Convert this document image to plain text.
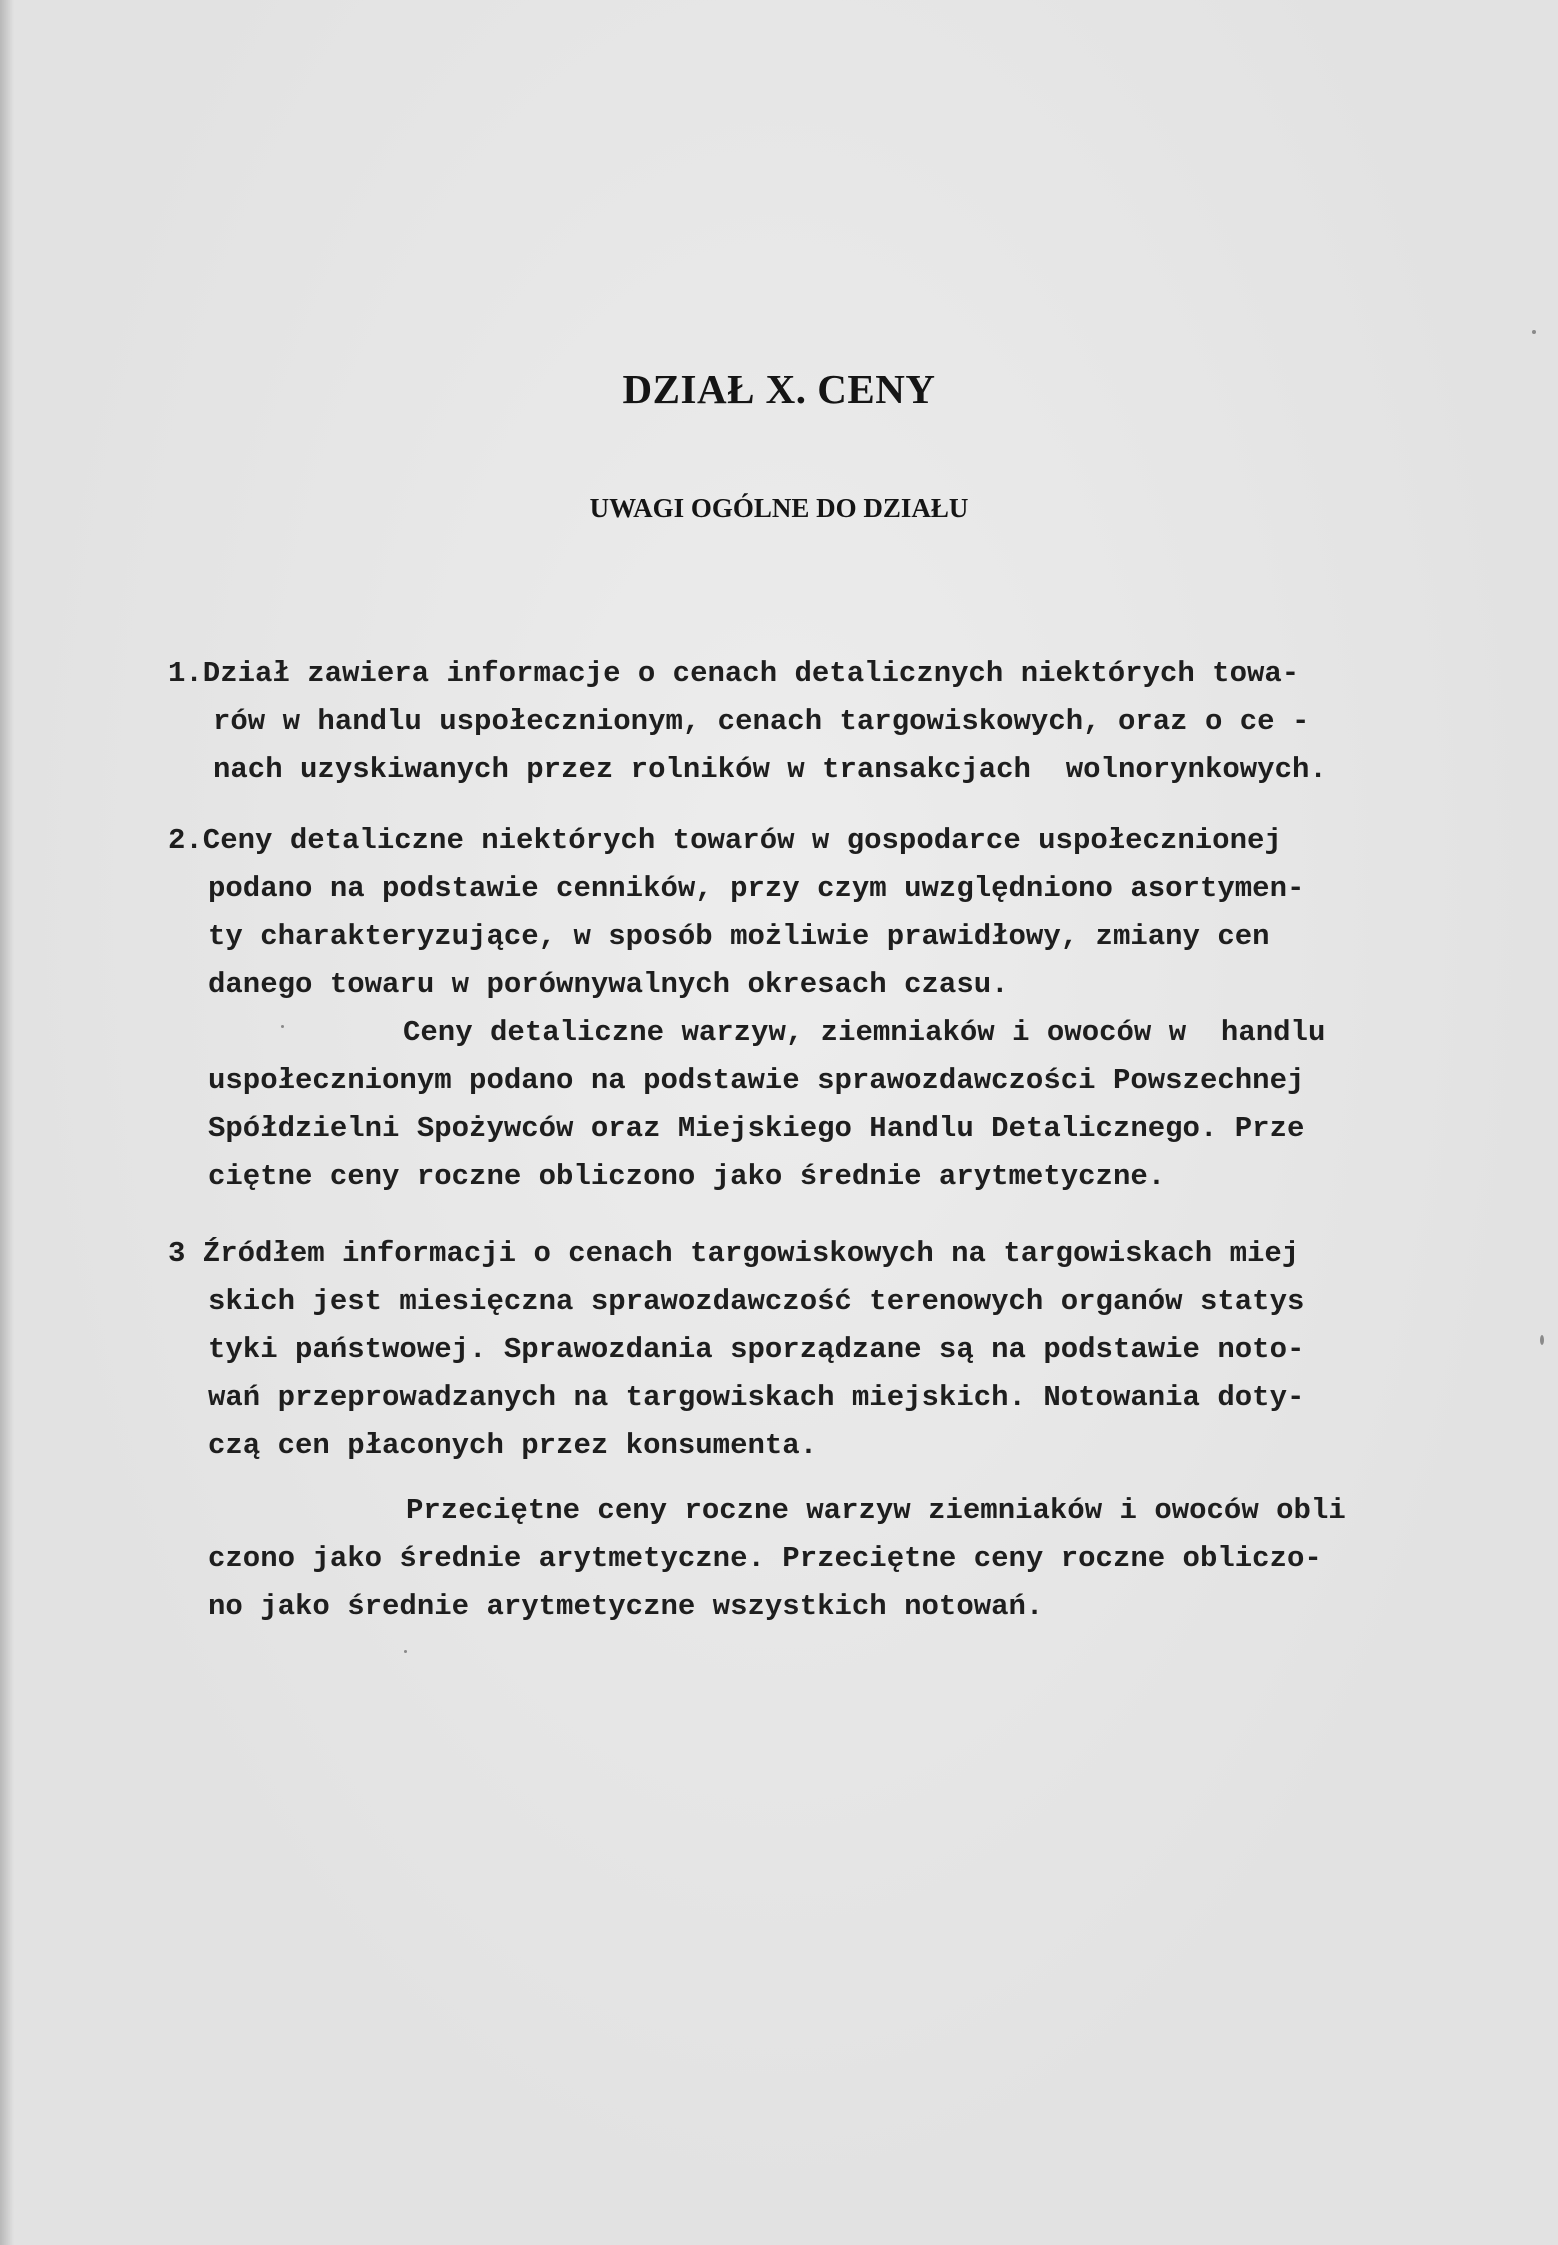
DZIAŁ X. CENY
UWAGI OGÓLNE DO DZIAŁU

1.Dział zawiera informacje o cenach detalicznych niektórych towa-

rów w handlu uspołecznionym, cenach targowiskowych, oraz o ce -

nach uzyskiwanych przez rolników w transakcjach  wolnorynkowych.

2.Ceny detaliczne niektórych towarów w gospodarce uspołecznionej

podano na podstawie cenników, przy czym uwzględniono asortymen-

ty charakteryzujące, w sposób możliwie prawidłowy, zmiany cen

danego towaru w porównywalnych okresach czasu.

Ceny detaliczne warzyw, ziemniaków i owoców w  handlu

uspołecznionym podano na podstawie sprawozdawczości Powszechnej

Spółdzielni Spożywców oraz Miejskiego Handlu Detalicznego. Prze

ciętne ceny roczne obliczono jako średnie arytmetyczne.

3 Źródłem informacji o cenach targowiskowych na targowiskach miej

skich jest miesięczna sprawozdawczość terenowych organów statys

tyki państwowej. Sprawozdania sporządzane są na podstawie noto-

wań przeprowadzanych na targowiskach miejskich. Notowania doty-

czą cen płaconych przez konsumenta.

Przeciętne ceny roczne warzyw ziemniaków i owoców obli

czono jako średnie arytmetyczne. Przeciętne ceny roczne obliczo-

no jako średnie arytmetyczne wszystkich notowań.
